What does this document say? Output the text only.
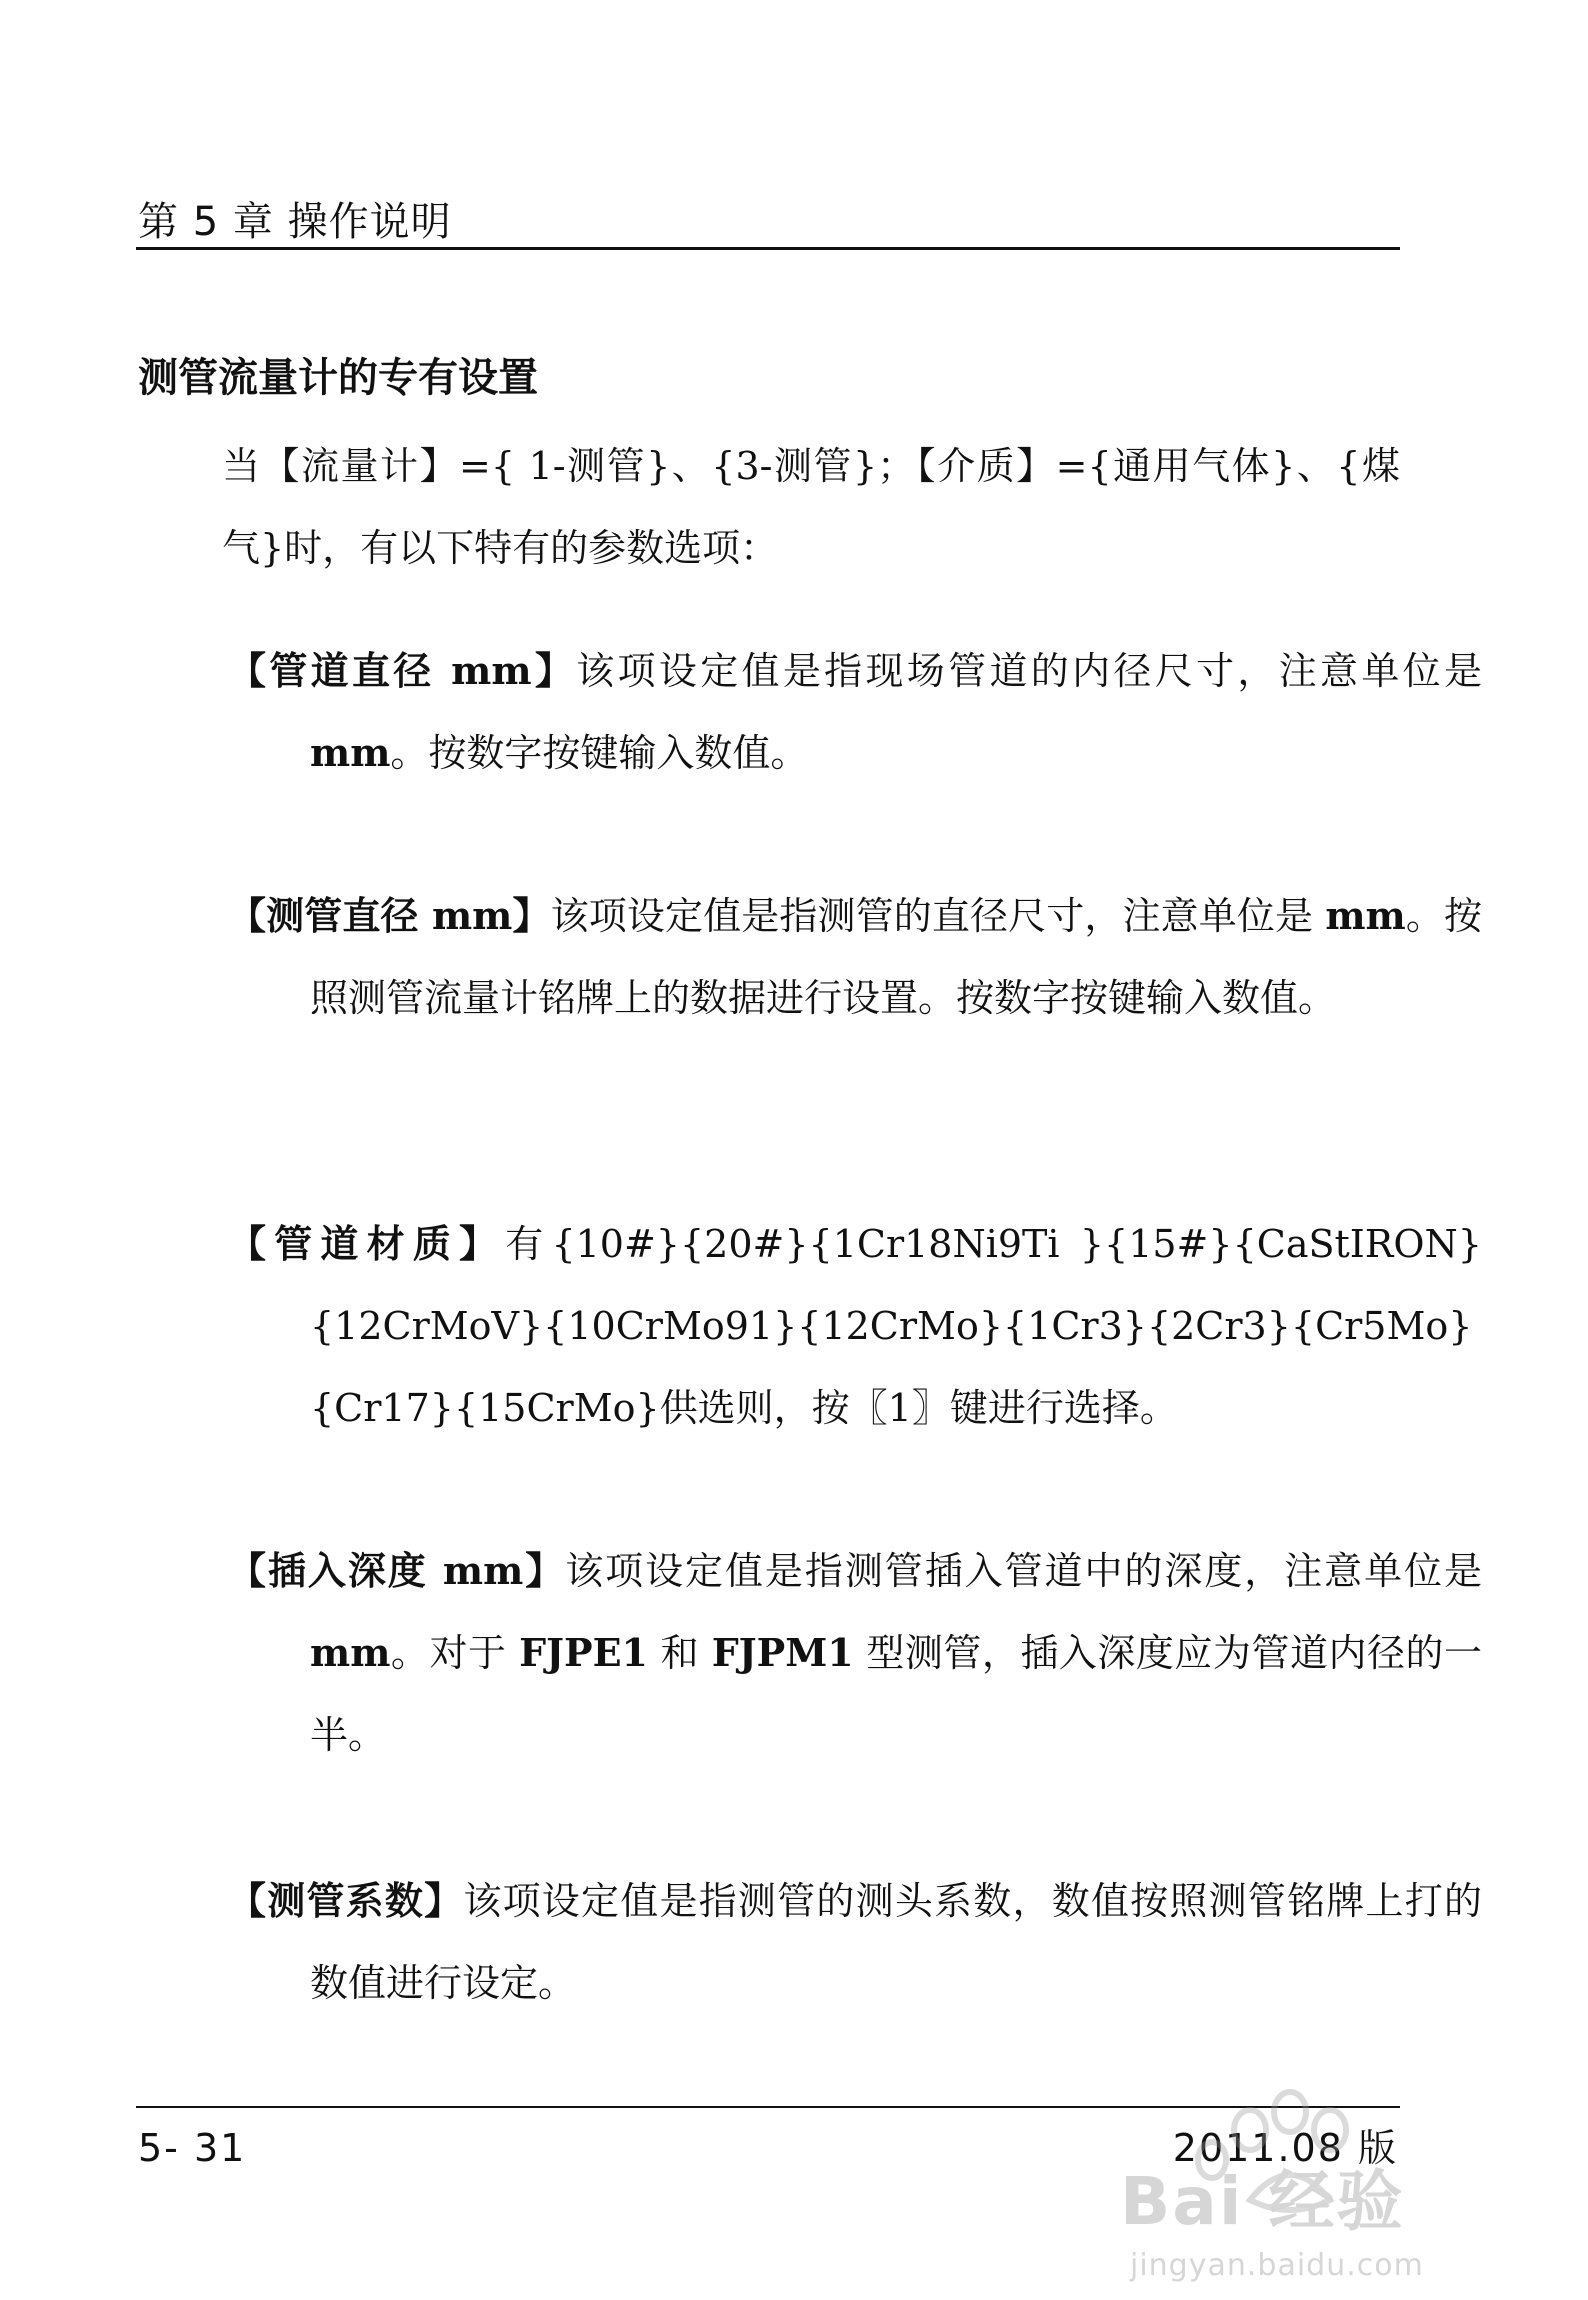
第 5 章 操作说明
测管流量计的专有设置

当【流量计】={ 1-测管}、{3-测管}；【介质】={通用气体}、{煤气}时，有以下特有的参数选项：

【管道直径 mm】该项设定值是指现场管道的内径尺寸，注意单位是 mm。按数字按键输入数值。

【测管直径 mm】该项设定值是指测管的直径尺寸，注意单位是 mm。按照测管流量计铭牌上的数据进行设置。按数字按键输入数值。

【管道材质】有{10#}{20#}{1Cr18Ni9Ti }{15#}{CaStIRON}{12CrMoV}{10CrMo91}{12CrMo}{1Cr3}{2Cr3}{Cr5Mo}{Cr17}{15CrMo}供选则，按〖1〗键进行选择。

【插入深度 mm】该项设定值是指测管插入管道中的深度，注意单位是 mm。对于 FJPE1 和 FJPM1 型测管，插入深度应为管道内径的一半。

【测管系数】该项设定值是指测管的测头系数，数值按照测管铭牌上打的数值进行设定。

5- 31	2011.08 版
Bai 经验
jingyan.baidu.com
